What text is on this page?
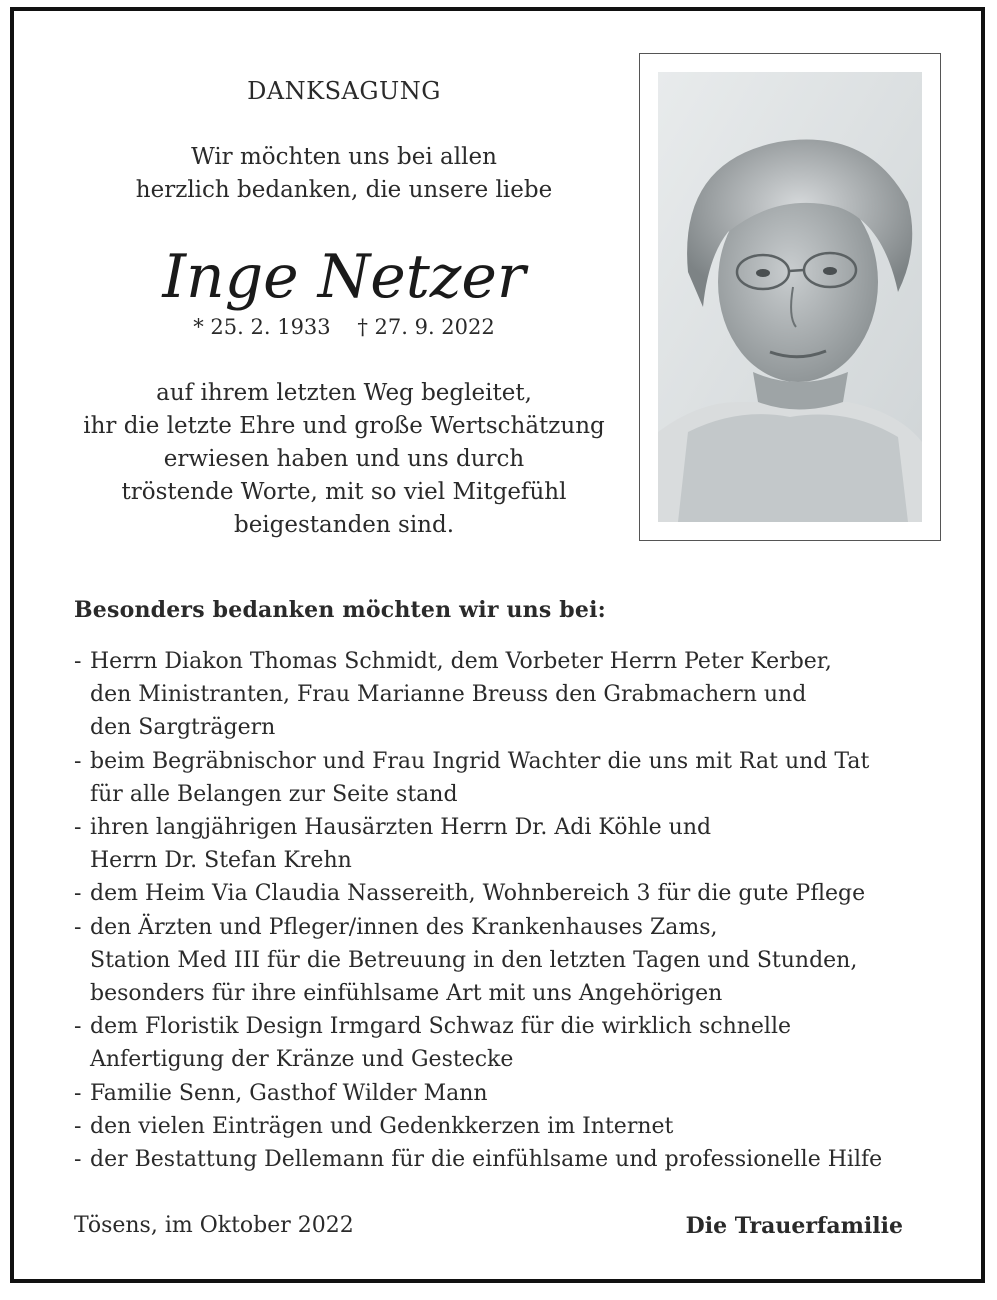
DANKSAGUNG
Wir möchten uns bei allen
herzlich bedanken, die unsere liebe
Inge Netzer
* 25. 2. 1933 † 27. 9. 2022
auf ihrem letzten Weg begleitet,
ihr die letzte Ehre und große Wertschätzung
erwiesen haben und uns durch
tröstende Worte, mit so viel Mitgefühl
beigestanden sind.
Besonders bedanken möchten wir uns bei:
- Herrn Diakon Thomas Schmidt, dem Vorbeter Herrn Peter Kerber,
den Ministranten, Frau Marianne Breuss den Grabmachern und
den Sargträgern
- beim Begräbnischor und Frau Ingrid Wachter die uns mit Rat und Tat
für alle Belangen zur Seite stand
- ihren langjährigen Hausärzten Herrn Dr. Adi Köhle und
Herrn Dr. Stefan Krehn
- dem Heim Via Claudia Nassereith, Wohnbereich 3 für die gute Pflege
- den Ärzten und Pfleger/innen des Krankenhauses Zams,
Station Med III für die Betreuung in den letzten Tagen und Stunden,
besonders für ihre einfühlsame Art mit uns Angehörigen
- dem Floristik Design Irmgard Schwaz für die wirklich schnelle
Anfertigung der Kränze und Gestecke
- Familie Senn, Gasthof Wilder Mann
- den vielen Einträgen und Gedenkkerzen im Internet
- der Bestattung Dellemann für die einfühlsame und professionelle Hilfe
Tösens, im Oktober 2022	Die Trauerfamilie
